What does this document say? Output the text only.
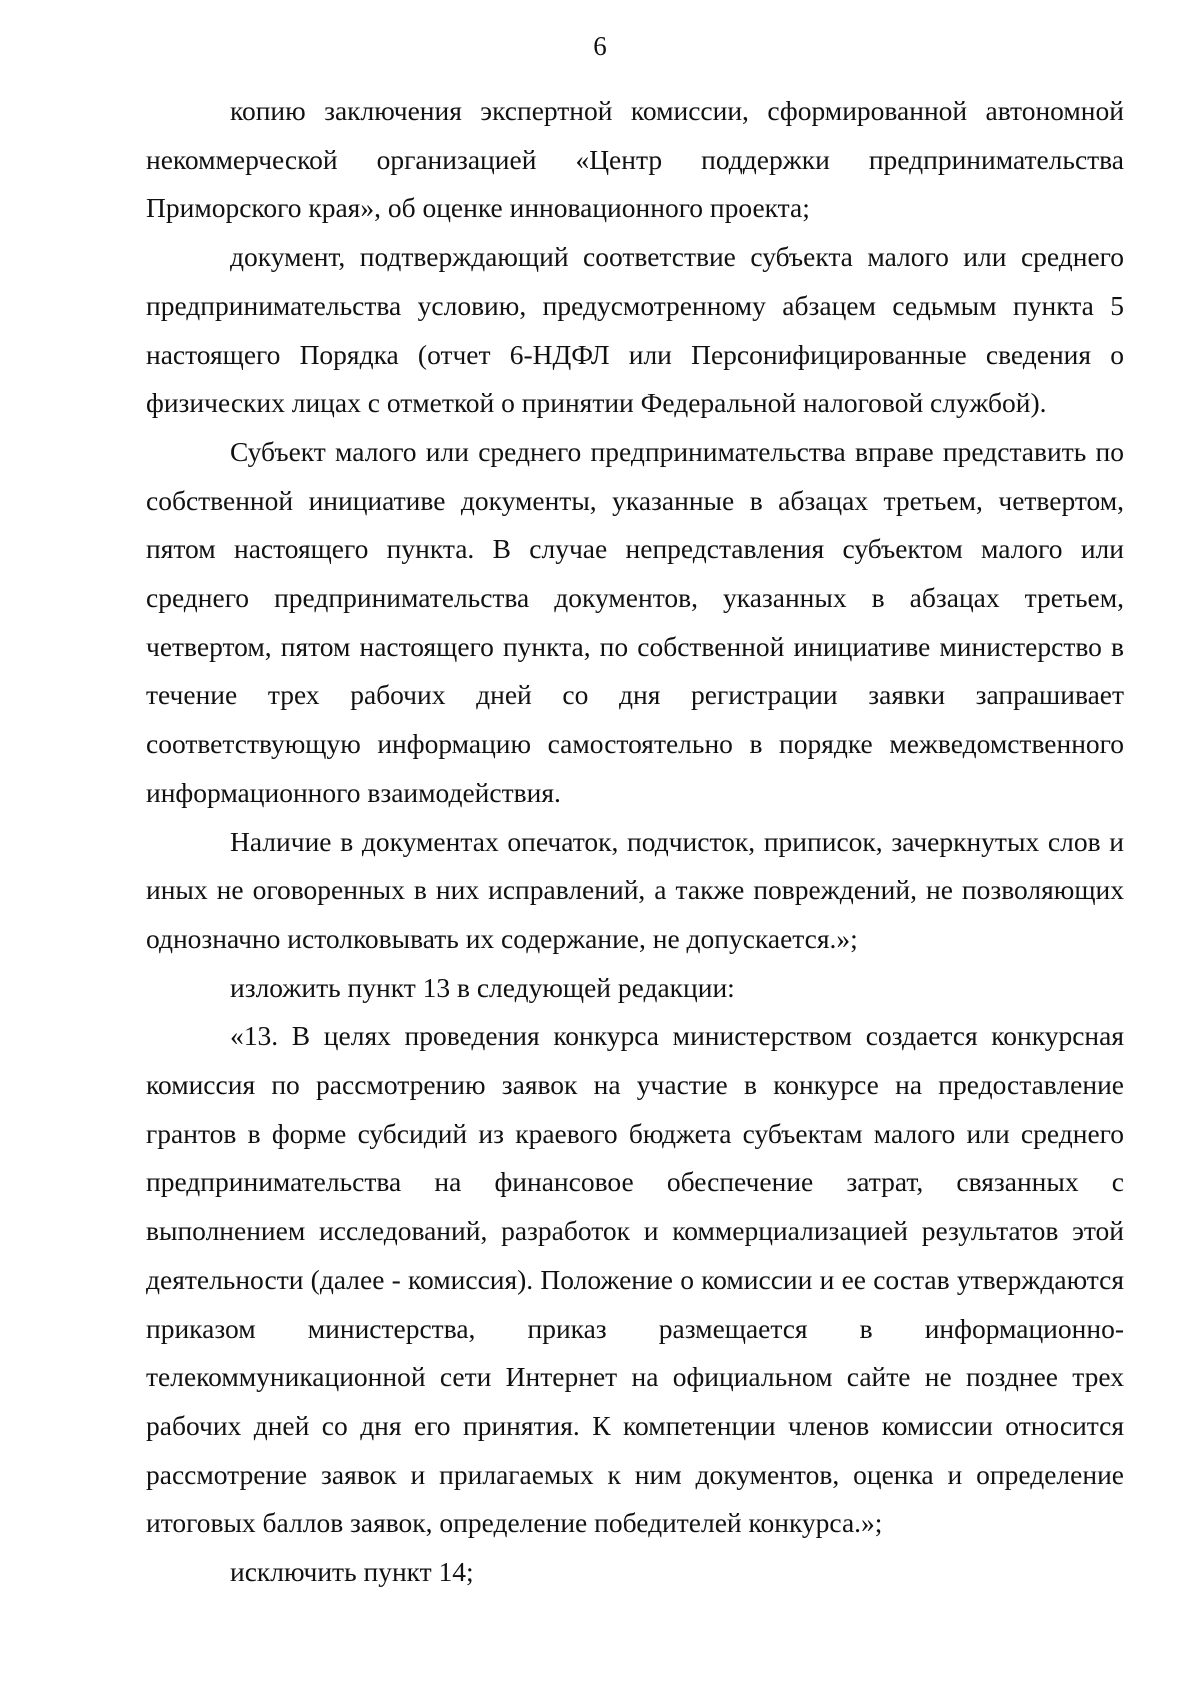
6

копию заключения экспертной комиссии, сформированной автономной некоммерческой организацией «Центр поддержки предпринимательства Приморского края», об оценке инновационного проекта;

документ, подтверждающий соответствие субъекта малого или среднего предпринимательства условию, предусмотренному абзацем седьмым пункта 5 настоящего Порядка (отчет 6-НДФЛ или Персонифицированные сведения о физических лицах с отметкой о принятии Федеральной налоговой службой).

Субъект малого или среднего предпринимательства вправе представить по собственной инициативе документы, указанные в абзацах третьем, четвертом, пятом настоящего пункта. В случае непредставления субъектом малого или среднего предпринимательства документов, указанных в абзацах третьем, четвертом, пятом настоящего пункта, по собственной инициативе министерство в течение трех рабочих дней со дня регистрации заявки запрашивает соответствующую информацию самостоятельно в порядке межведомственного информационного взаимодействия.

Наличие в документах опечаток, подчисток, приписок, зачеркнутых слов и иных не оговоренных в них исправлений, а также повреждений, не позволяющих однозначно истолковывать их содержание, не допускается.»;

изложить пункт 13 в следующей редакции:

«13. В целях проведения конкурса министерством создается конкурсная комиссия по рассмотрению заявок на участие в конкурсе на предоставление грантов в форме субсидий из краевого бюджета субъектам малого или среднего предпринимательства на финансовое обеспечение затрат, связанных с выполнением исследований, разработок и коммерциализацией результатов этой деятельности (далее - комиссия). Положение о комиссии и ее состав утверждаются приказом министерства, приказ размещается в информационно-телекоммуникационной сети Интернет на официальном сайте не позднее трех рабочих дней со дня его принятия. К компетенции членов комиссии относится рассмотрение заявок и прилагаемых к ним документов, оценка и определение итоговых баллов заявок, определение победителей конкурса.»;

исключить пункт 14;
